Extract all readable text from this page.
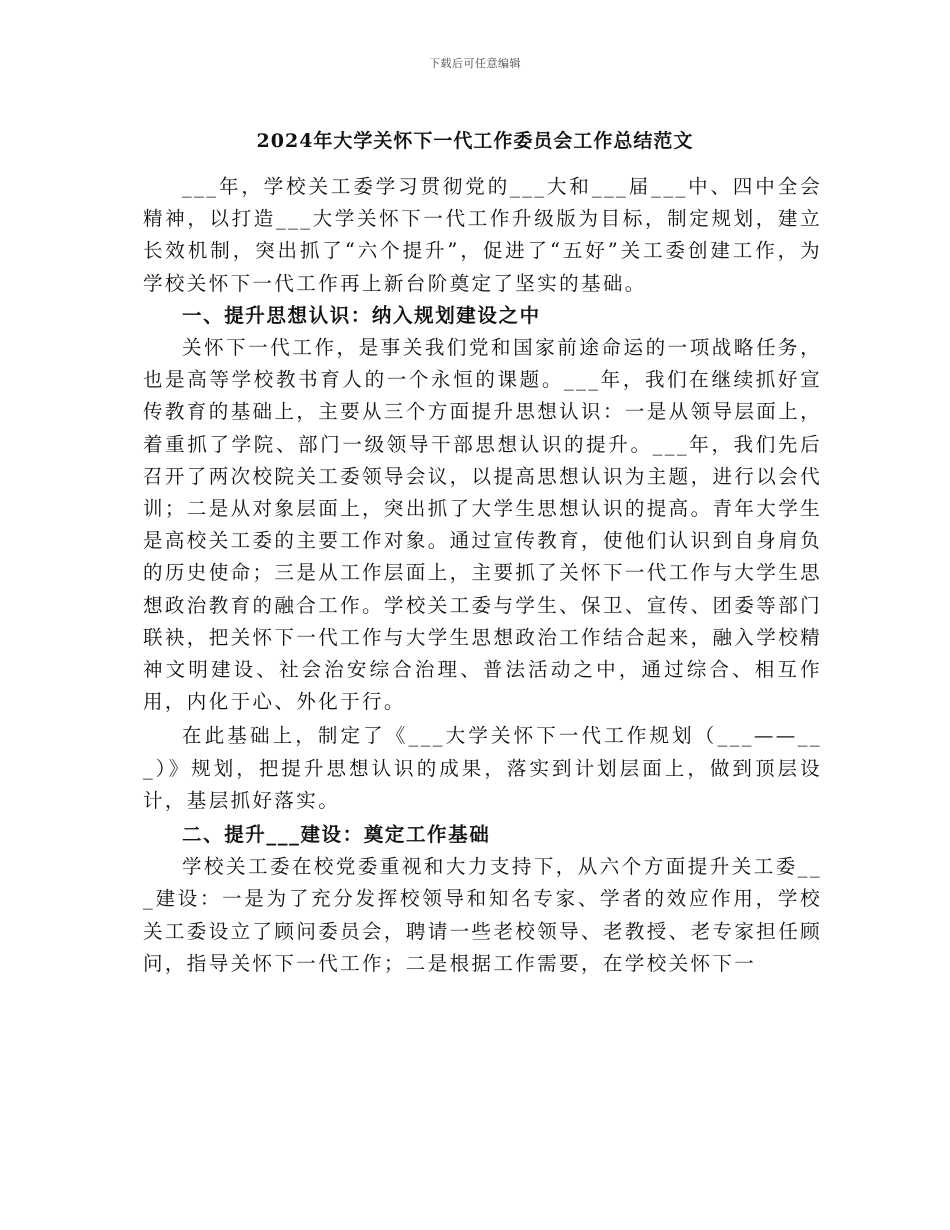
下载后可任意编辑
2024年大学关怀下一代工作委员会工作总结范文

___年，学校关工委学习贯彻党的___大和___届___中、四中全会精神，以打造___大学关怀下一代工作升级版为目标，制定规划，建立长效机制，突出抓了“六个提升”，促进了“五好”关工委创建工作，为学校关怀下一代工作再上新台阶奠定了坚实的基础。

一、提升思想认识：纳入规划建设之中

关怀下一代工作，是事关我们党和国家前途命运的一项战略任务，也是高等学校教书育人的一个永恒的课题。___年，我们在继续抓好宣传教育的基础上，主要从三个方面提升思想认识：一是从领导层面上，着重抓了学院、部门一级领导干部思想认识的提升。___年，我们先后召开了两次校院关工委领导会议，以提高思想认识为主题，进行以会代训；二是从对象层面上，突出抓了大学生思想认识的提高。青年大学生是高校关工委的主要工作对象。通过宣传教育，使他们认识到自身肩负的历史使命；三是从工作层面上，主要抓了关怀下一代工作与大学生思想政治教育的融合工作。学校关工委与学生、保卫、宣传、团委等部门联袂，把关怀下一代工作与大学生思想政治工作结合起来，融入学校精神文明建设、社会治安综合治理、普法活动之中，通过综合、相互作用，内化于心、外化于行。

在此基础上，制定了《___大学关怀下一代工作规划（___——___）》规划，把提升思想认识的成果，落实到计划层面上，做到顶层设计，基层抓好落实。

二、提升___建设：奠定工作基础

学校关工委在校党委重视和大力支持下，从六个方面提升关工委___建设：一是为了充分发挥校领导和知名专家、学者的效应作用，学校关工委设立了顾问委员会，聘请一些老校领导、老教授、老专家担任顾问，指导关怀下一代工作；二是根据工作需要，在学校关怀下一
